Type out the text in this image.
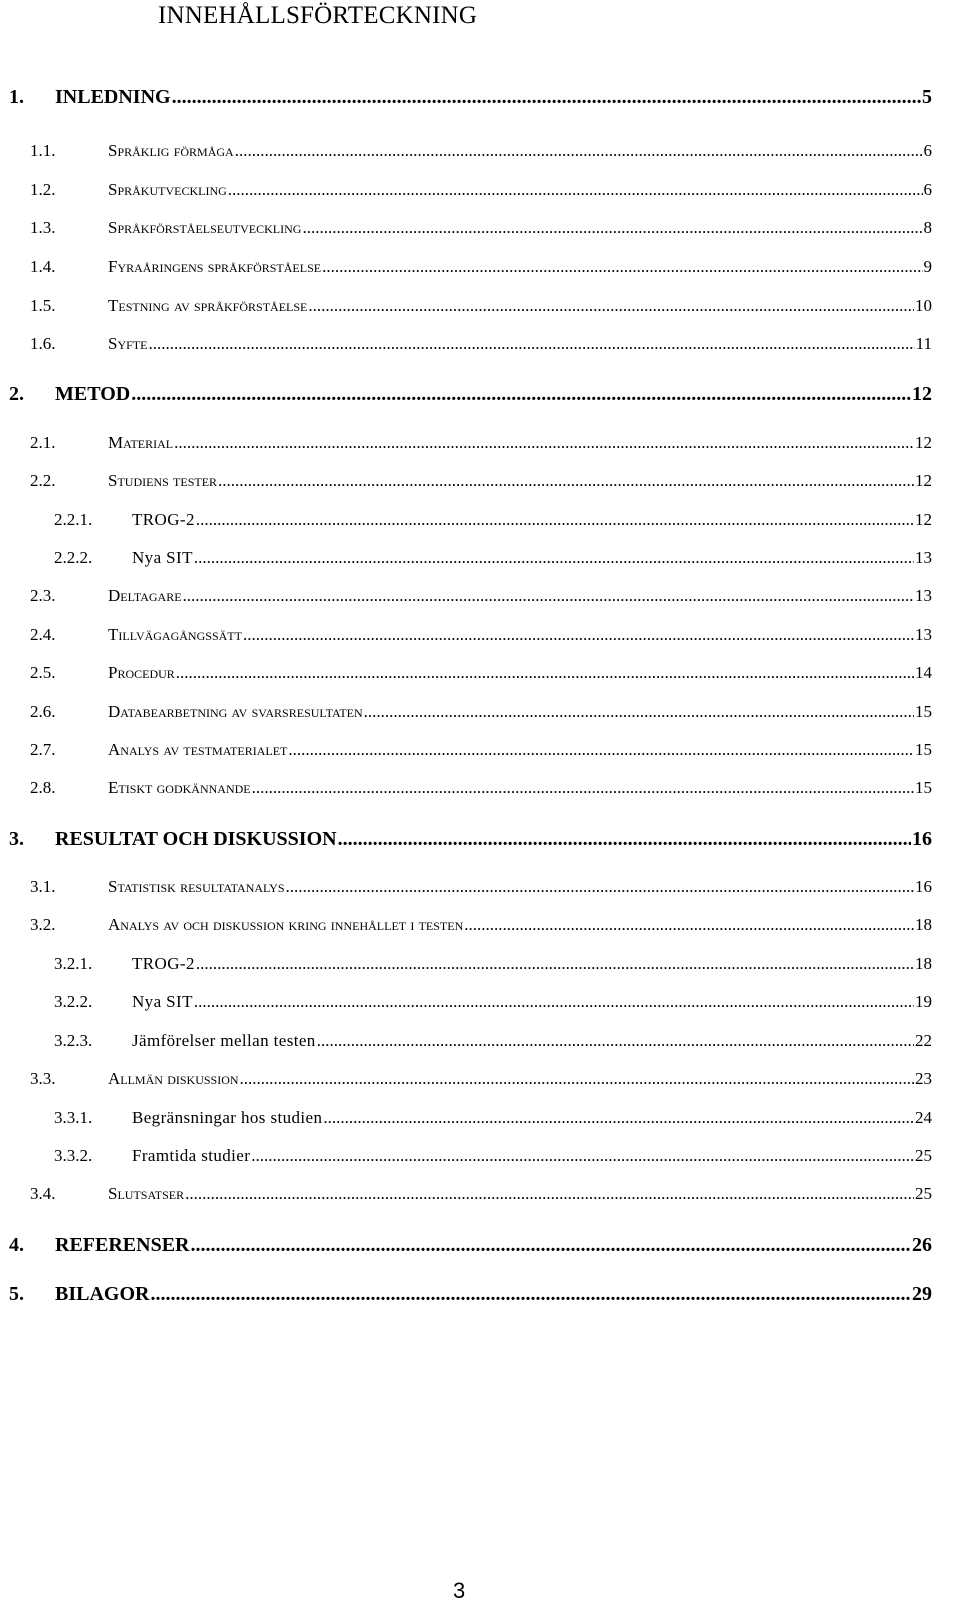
INNEHÅLLSFÖRTECKNING
1.	INLEDNING .....	5
1.1.	Språklig förmåga .....	6
1.2.	Språkutveckling .....	6
1.3.	Språkförståelseutveckling .....	8
1.4.	Fyraåringens språkförståelse .....	9
1.5.	Testning av språkförståelse .....	10
1.6.	Syfte .....	11
2.	METOD .....	12
2.1.	Material .....	12
2.2.	Studiens tester .....	12
2.2.1.	TROG-2 .....	12
2.2.2.	Nya SIT .....	13
2.3.	Deltagare .....	13
2.4.	Tillvägagångssätt .....	13
2.5.	Procedur .....	14
2.6.	Databearbetning av svarsresultaten .....	15
2.7.	Analys av testmaterialet .....	15
2.8.	Etiskt godkännande .....	15
3.	RESULTAT OCH DISKUSSION .....	16
3.1.	Statistisk resultatanalys .....	16
3.2.	Analys av och diskussion kring innehållet i testen .....	18
3.2.1.	TROG-2 .....	18
3.2.2.	Nya SIT .....	19
3.2.3.	Jämförelser mellan testen .....	22
3.3.	Allmän diskussion .....	23
3.3.1.	Begränsningar hos studien .....	24
3.3.2.	Framtida studier .....	25
3.4.	Slutsatser .....	25
4.	REFERENSER .....	26
5.	BILAGOR .....	29
3
